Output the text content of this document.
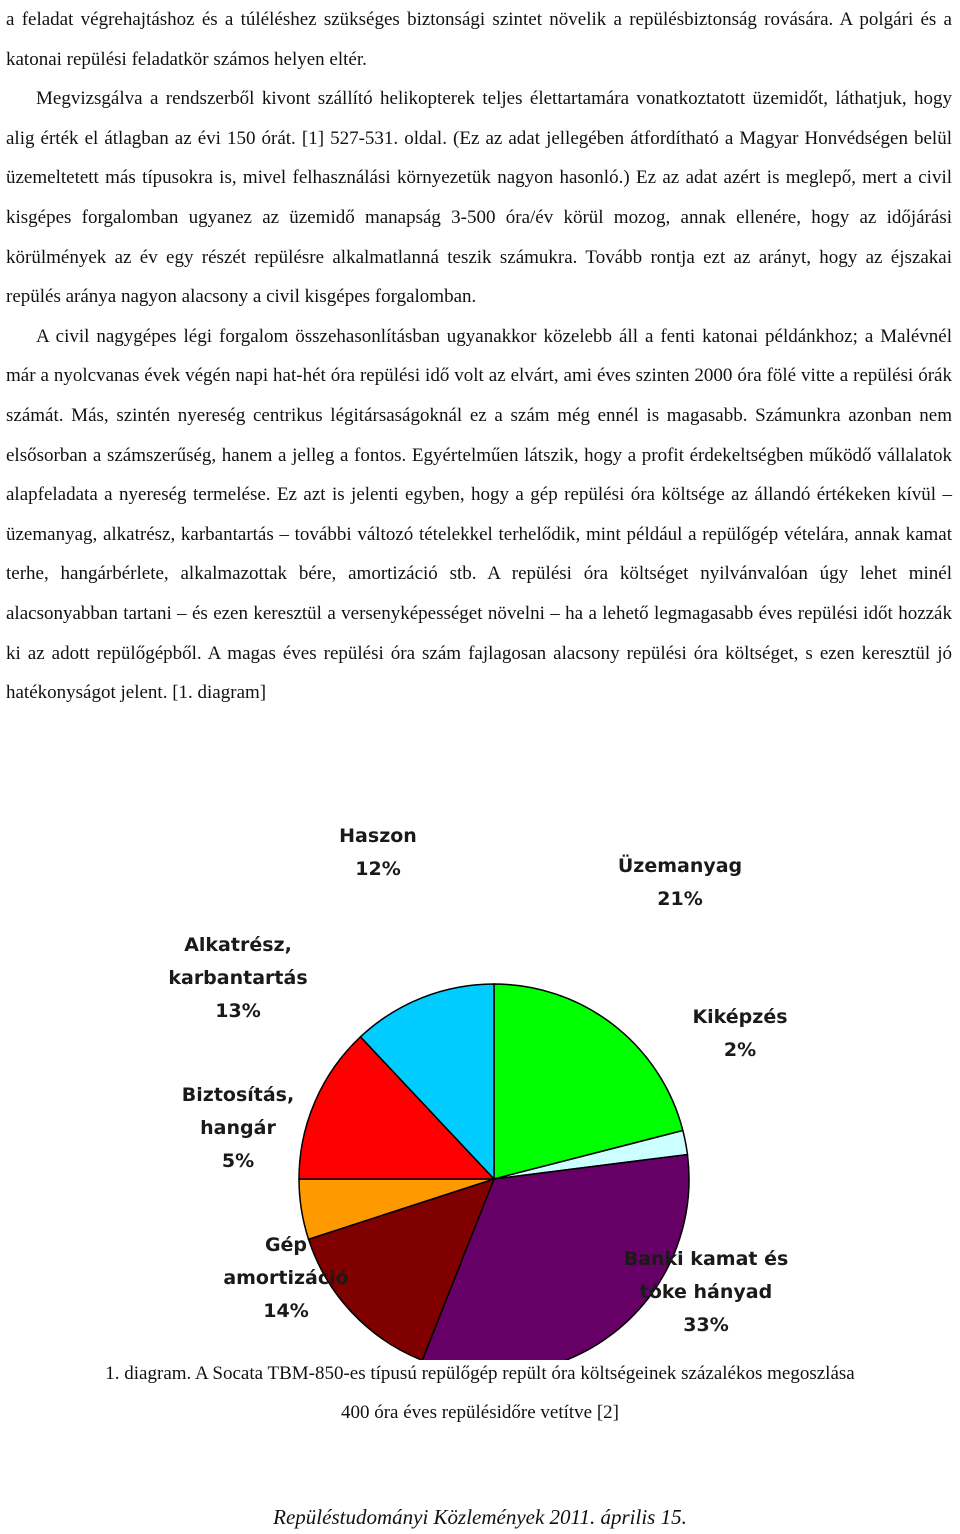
a feladat végrehajtáshoz és a túléléshez szükséges biztonsági szintet növelik a repülésbiztonság rovására. A polgári és a katonai repülési feladatkör számos helyen eltér.

Megvizsgálva a rendszerből kivont szállító helikopterek teljes élettartamára vonatkoztatott üzemidőt, láthatjuk, hogy alig érték el átlagban az évi 150 órát. [1] 527-531. oldal. (Ez az adat jellegében átfordítható a Magyar Honvédségen belül üzemeltetett más típusokra is, mivel felhasználási környezetük nagyon hasonló.) Ez az adat azért is meglepő, mert a civil kisgépes forgalomban ugyanez az üzemidő manapság 3-500 óra/év körül mozog, annak ellenére, hogy az időjárási körülmények az év egy részét repülésre alkalmatlanná teszik számukra. Tovább rontja ezt az arányt, hogy az éjszakai repülés aránya nagyon alacsony a civil kisgépes forgalomban.

A civil nagygépes légi forgalom összehasonlításban ugyanakkor közelebb áll a fenti katonai példánkhoz; a Malévnél már a nyolcvanas évek végén napi hat-hét óra repülési idő volt az elvárt, ami éves szinten 2000 óra fölé vitte a repülési órák számát. Más, szintén nyereség centrikus légitársaságoknál ez a szám még ennél is magasabb. Számunkra azonban nem elsősorban a számszerűség, hanem a jelleg a fontos. Egyértelműen látszik, hogy a profit érdekeltségben működő vállalatok alapfeladata a nyereség termelése. Ez azt is jelenti egyben, hogy a gép repülési óra költsége az állandó értékeken kívül – üzemanyag, alkatrész, karbantartás – további változó tételekkel terhelődik, mint például a repülőgép vételára, annak kamat terhe, hangárbérlete, alkalmazottak bére, amortizáció stb. A repülési óra költséget nyilvánvalóan úgy lehet minél alacsonyabban tartani – és ezen keresztül a versenyképességet növelni – ha a lehető legmagasabb éves repülési időt hozzák ki az adott repülőgépből. A magas éves repülési óra szám fajlagosan alacsony repülési óra költséget, s ezen keresztül jó hatékonyságot jelent. [1. diagram]

Üzemanyag 21%
Kiképzés 2%
Banki kamat és tőke hányad 33%
Gép amortizáció 14%
Biztosítás, hangár 5%
Alkatrész, karbantartás 13%
Haszon 12%

1. diagram. A Socata TBM-850-es típusú repülőgép repült óra költségeinek százalékos megoszlása

400 óra éves repülésidőre vetítve [2]

Repüléstudományi Közlemények 2011. április 15.
